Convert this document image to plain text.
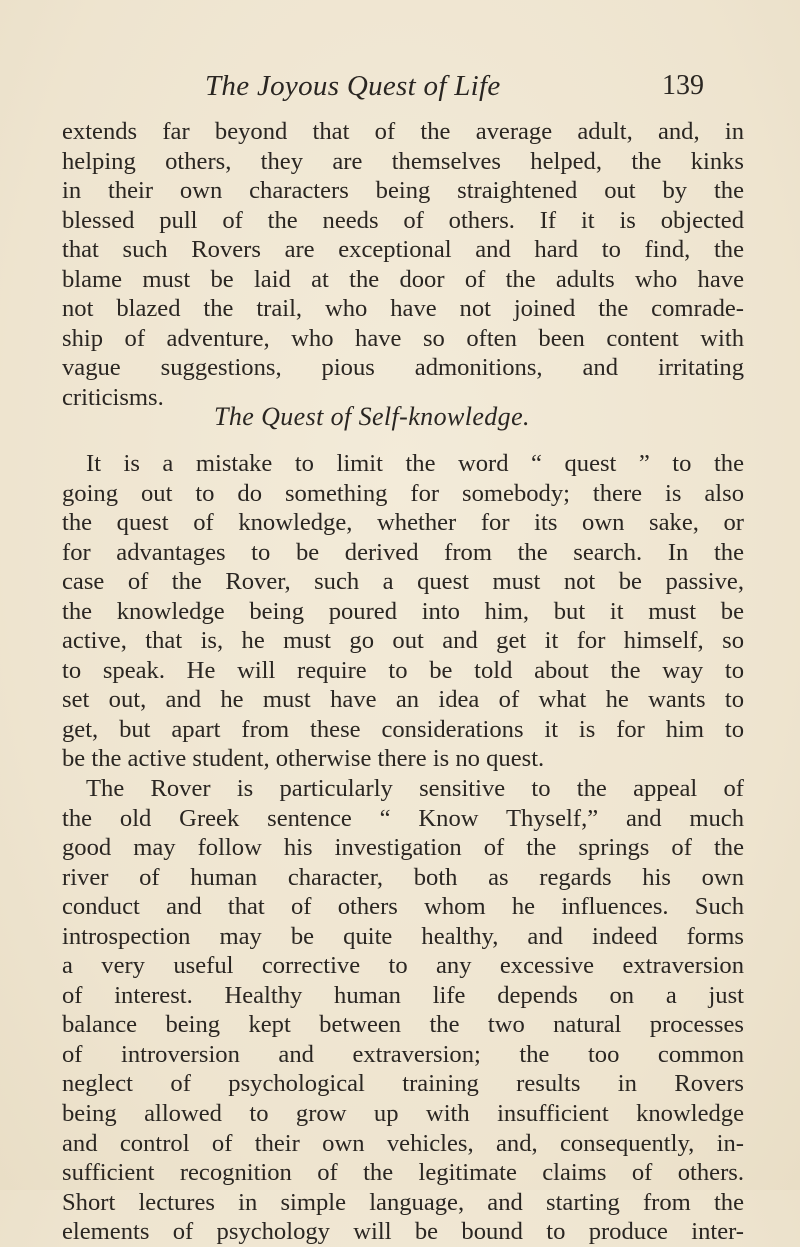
The Joyous Quest of Life	139
extends far beyond that of the average adult, and, in
helping others, they are themselves helped, the kinks
in their own characters being straightened out by the
blessed pull of the needs of others. If it is objected
that such Rovers are exceptional and hard to find, the
blame must be laid at the door of the adults who have
not blazed the trail, who have not joined the comrade-
ship of adventure, who have so often been content with
vague suggestions, pious admonitions, and irritating
criticisms.
The Quest of Self-knowledge.
It is a mistake to limit the word “ quest ” to the
going out to do something for somebody; there is also
the quest of knowledge, whether for its own sake, or
for advantages to be derived from the search. In the
case of the Rover, such a quest must not be passive,
the knowledge being poured into him, but it must be
active, that is, he must go out and get it for himself, so
to speak. He will require to be told about the way to
set out, and he must have an idea of what he wants to
get, but apart from these considerations it is for him to
be the active student, otherwise there is no quest.
The Rover is particularly sensitive to the appeal of
the old Greek sentence “ Know Thyself,” and much
good may follow his investigation of the springs of the
river of human character, both as regards his own
conduct and that of others whom he influences. Such
introspection may be quite healthy, and indeed forms
a very useful corrective to any excessive extraversion
of interest. Healthy human life depends on a just
balance being kept between the two natural processes
of introversion and extraversion; the too common
neglect of psychological training results in Rovers
being allowed to grow up with insufficient knowledge
and control of their own vehicles, and, consequently, in-
sufficient recognition of the legitimate claims of others.
Short lectures in simple language, and starting from the
elements of psychology will be bound to produce inter-
